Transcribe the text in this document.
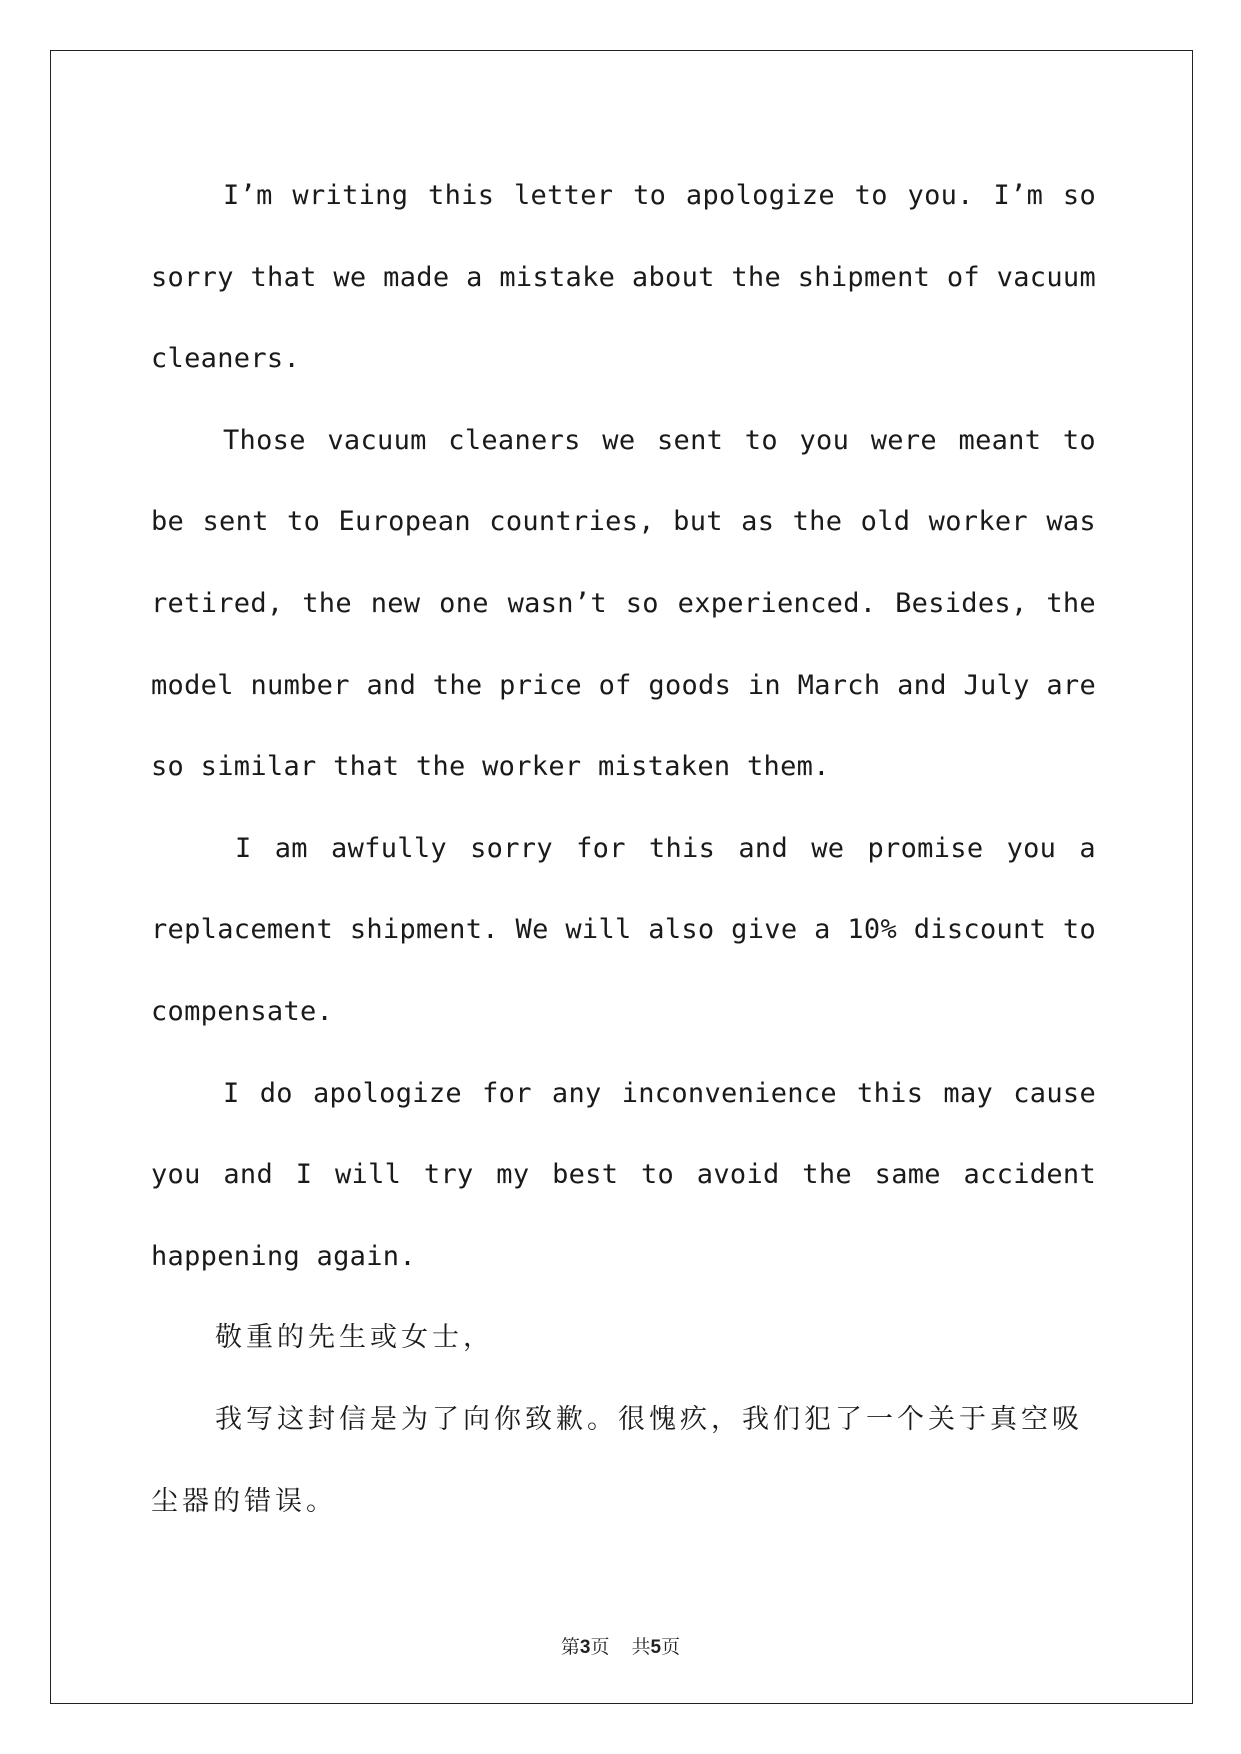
I’m writing this letter to apologize to you. I’m so sorry that we made a mistake about the shipment of vacuum cleaners.

Those vacuum cleaners we sent to you were meant to be sent to European countries, but as the old worker was retired, the new one wasn’t so experienced. Besides, the model number and the price of goods in March and July are so similar that the worker mistaken them.

I am awfully sorry for this and we promise you a replacement shipment. We will also give a 10% discount to compensate.

I do apologize for any inconvenience this may cause you and I will try my best to avoid the same accident happening again.

敬重的先生或女士，

我写这封信是为了向你致歉。很愧疚，我们犯了一个关于真空吸尘器的错误。

第3页 共5页
